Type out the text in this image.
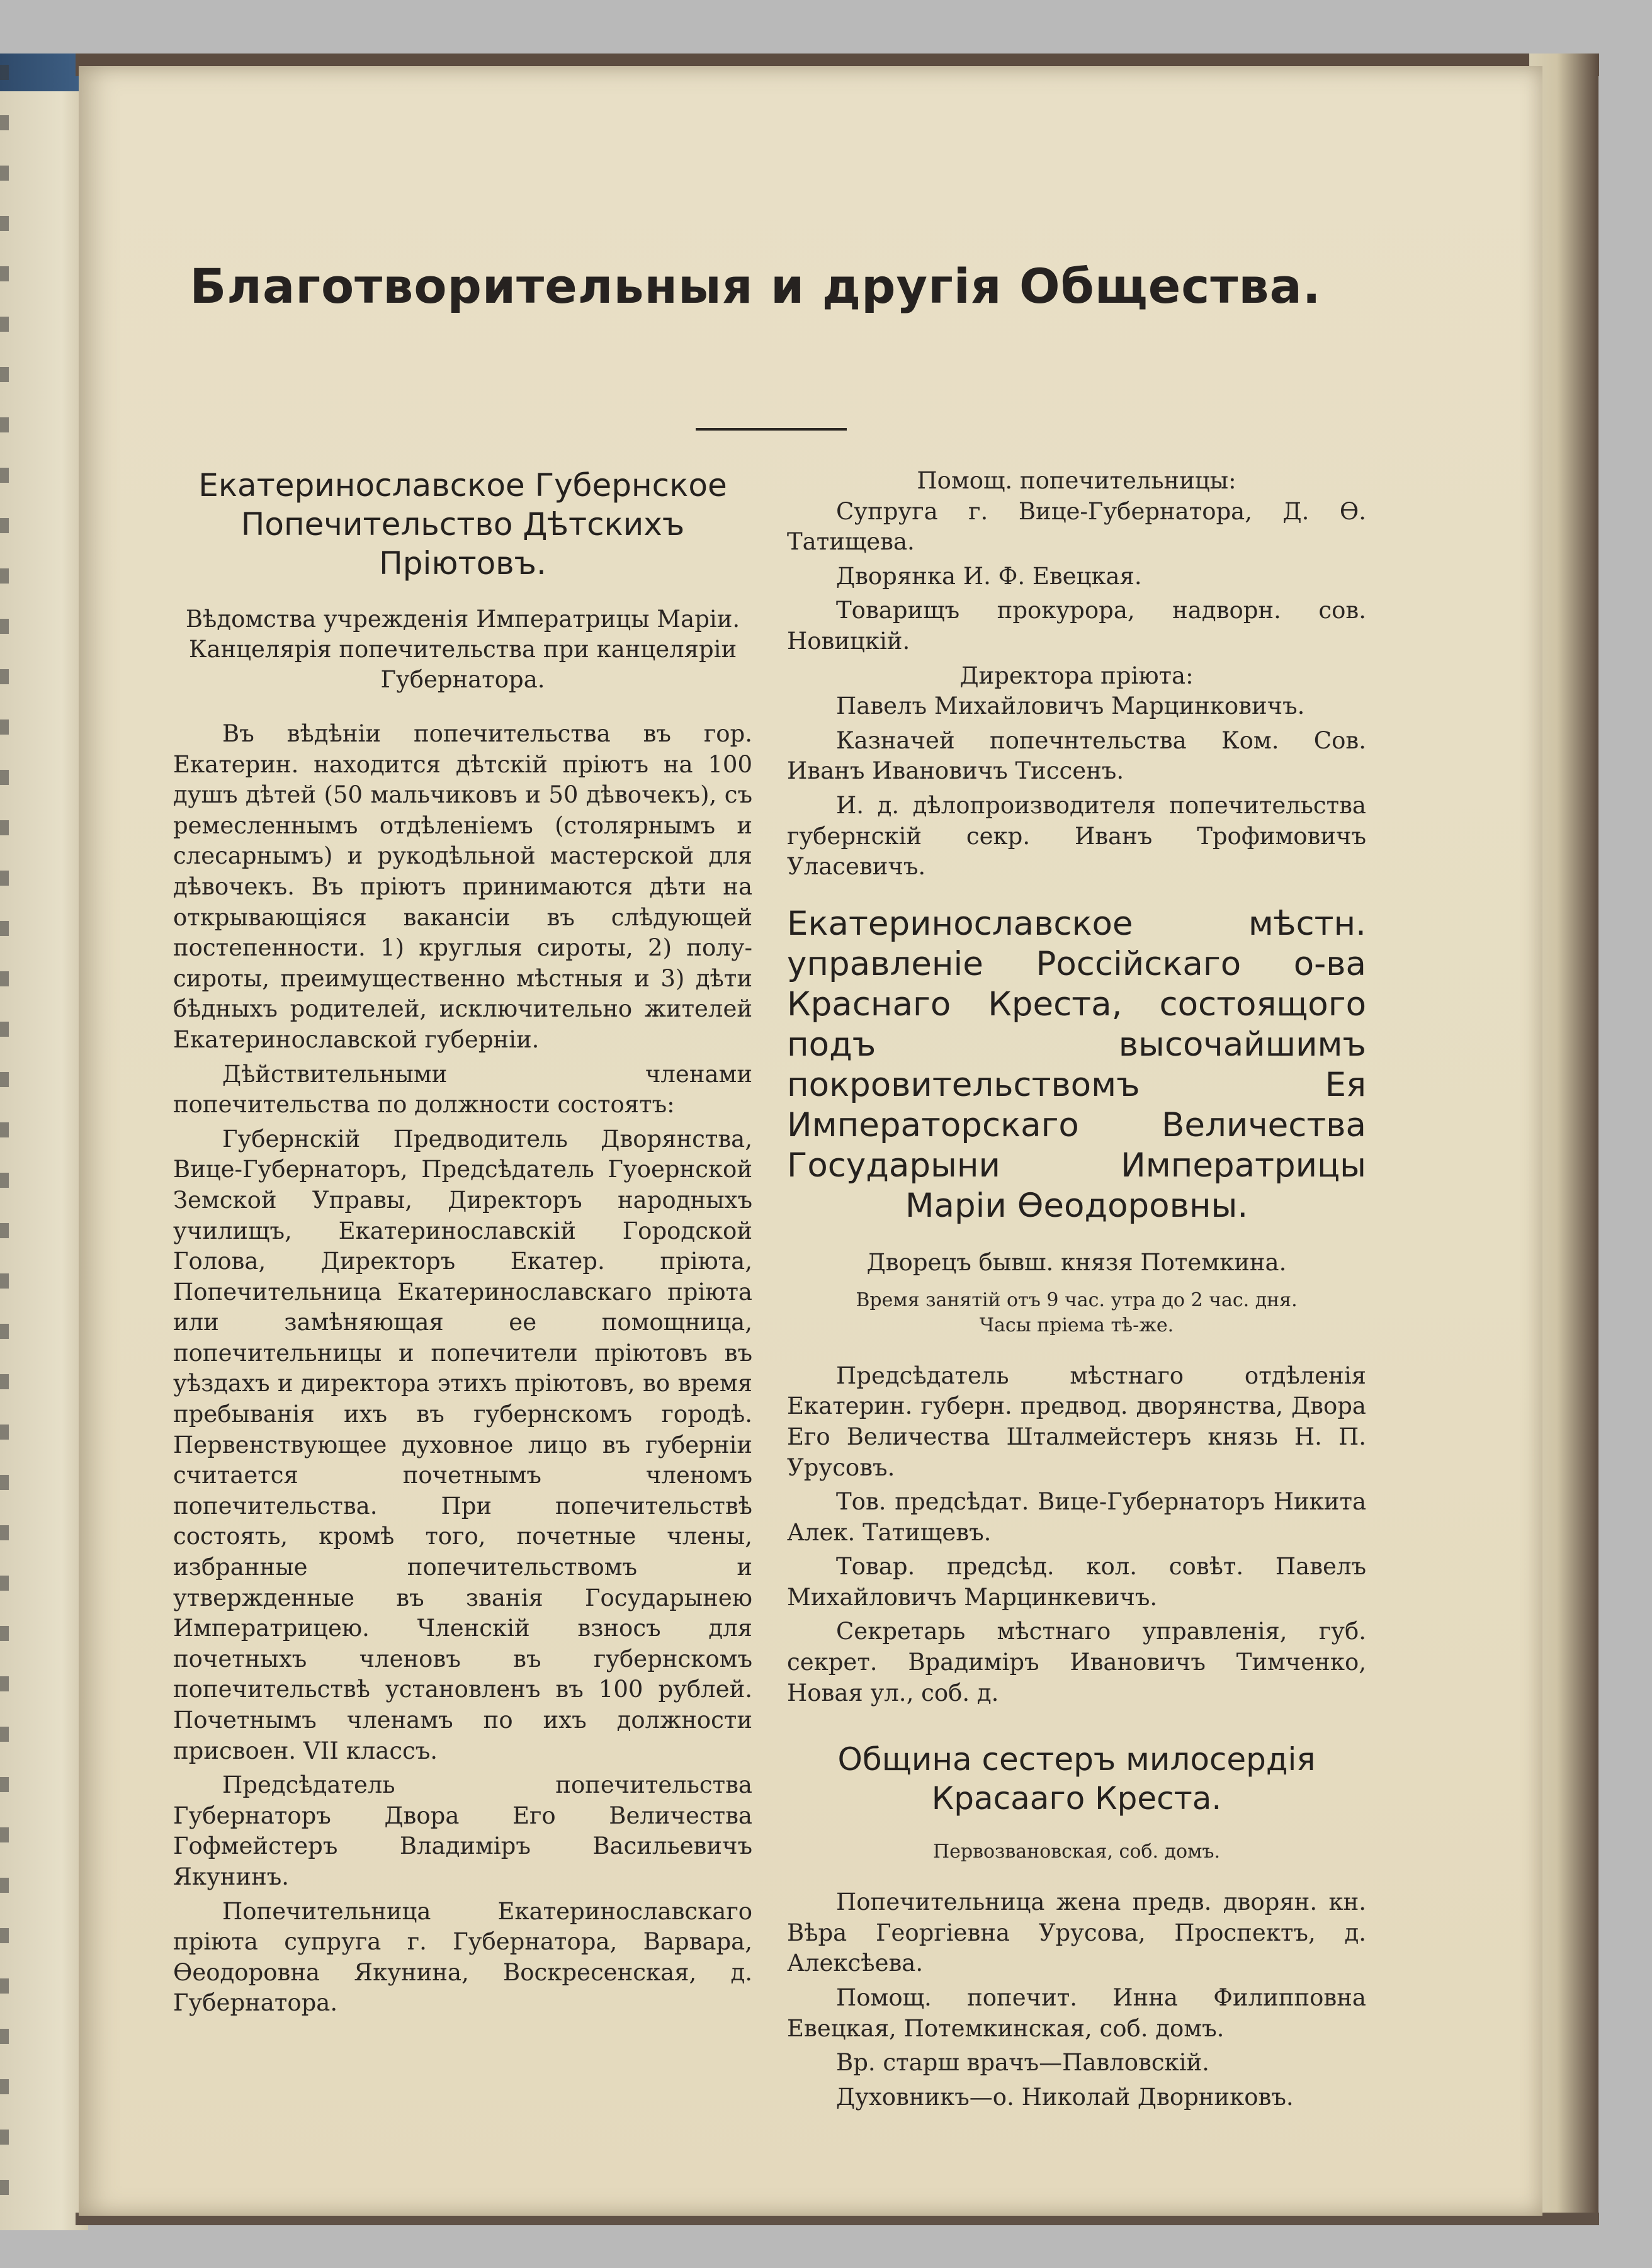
Благотворительныя и другія Общества.
Екатеринославское Губернское Попечительство Дѣтскихъ Пріютовъ.
Вѣдомства учрежденія Императрицы Маріи. Канцелярія попечительства при канцеляріи Губернатора.

Въ вѣдѣніи попечительства въ гор. Екатерин. находится дѣтскій пріютъ на 100 душъ дѣтей (50 мальчиковъ и 50 дѣвочекъ), съ ремесленнымъ отдѣленіемъ (столярнымъ и слесарнымъ) и рукодѣльной мастерской для дѣвочекъ. Въ пріютъ принимаются дѣти на открывающіяся вакансіи въ слѣдующей постепенности. 1) круглыя сироты, 2) полу-сироты, преимущественно мѣстныя и 3) дѣти бѣдныхъ родителей, исключительно жителей Екатеринославской губерніи.

Дѣйствительными членами попечительства по должности состоятъ:

Губернскій Предводитель Дворянства, Вице-Губернаторъ, Предсѣдатель Гуоернской Земской Управы, Директоръ народныхъ училищъ, Екатеринославскій Городской Голова, Директоръ Екатер. пріюта, Попечительница Екатеринославскаго пріюта или замѣняющая ее помощница, попечительницы и попечители пріютовъ въ уѣздахъ и директора этихъ пріютовъ, во время пребыванія ихъ въ губернскомъ городѣ. Первенствующее духовное лицо въ губерніи считается почетнымъ членомъ попечительства. При попечительствѣ состоять, кромѣ того, почетные члены, избранные попечительствомъ и утвержденные въ званія Государынею Императрицею. Членскій взносъ для почетныхъ членовъ въ губернскомъ попечительствѣ установленъ въ 100 рублей. Почетнымъ членамъ по ихъ должности присвоен. VII классъ.

Предсѣдатель попечительства Губернаторъ Двора Его Величества Гофмейстеръ Владиміръ Васильевичъ Якунинъ.

Попечительница Екатеринославскаго пріюта супруга г. Губернатора, Варвара, Ѳеодоровна Якунина, Воскресенская, д. Губернатора.

Помощ. попечительницы:

Супруга г. Вице-Губернатора, Д. Ѳ. Татищева.

Дворянка И. Ф. Евецкая.

Товарищъ прокурора, надворн. сов. Новицкій.

Директора пріюта:

Павелъ Михайловичъ Марцинковичъ.

Казначей попечнтельства Ком. Сов. Иванъ Ивановичъ Тиссенъ.

И. д. дѣлопроизводителя попечительства губернскій секр. Иванъ Трофимовичъ Уласевичъ.

Екатеринославское мѣстн. управленіе Россійскаго о-ва Краснаго Креста, состоящого подъ высочайшимъ покровительствомъ Ея Императорскаго Величества Государыни Императрицы Маріи Ѳеодоровны.
Дворецъ бывш. князя Потемкина.
Время занятій отъ 9 час. утра до 2 час. дня.
Часы пріема тѣ-же.

Предсѣдатель мѣстнаго отдѣленія Екатерин. губерн. предвод. дворянства, Двора Его Величества Шталмейстеръ князь Н. П. Урусовъ.

Тов. предсѣдат. Вице-Губернаторъ Никита Алек. Татищевъ.

Товар. предсѣд. кол. совѣт. Павелъ Михайловичъ Марцинкевичъ.

Секретарь мѣстнаго управленія, губ. секрет. Врадиміръ Ивановичъ Тимченко, Новая ул., соб. д.

Община сестеръ милосердія Красааго Креста.
Первозвановская, соб. домъ.

Попечительница жена предв. дворян. кн. Вѣра Георгіевна Урусова, Проспектъ, д. Алексѣева.

Помощ. попечит. Инна Филипповна Евецкая, Потемкинская, соб. домъ.

Вр. старш врачъ—Павловскій.

Духовникъ—о. Николай Дворниковъ.
